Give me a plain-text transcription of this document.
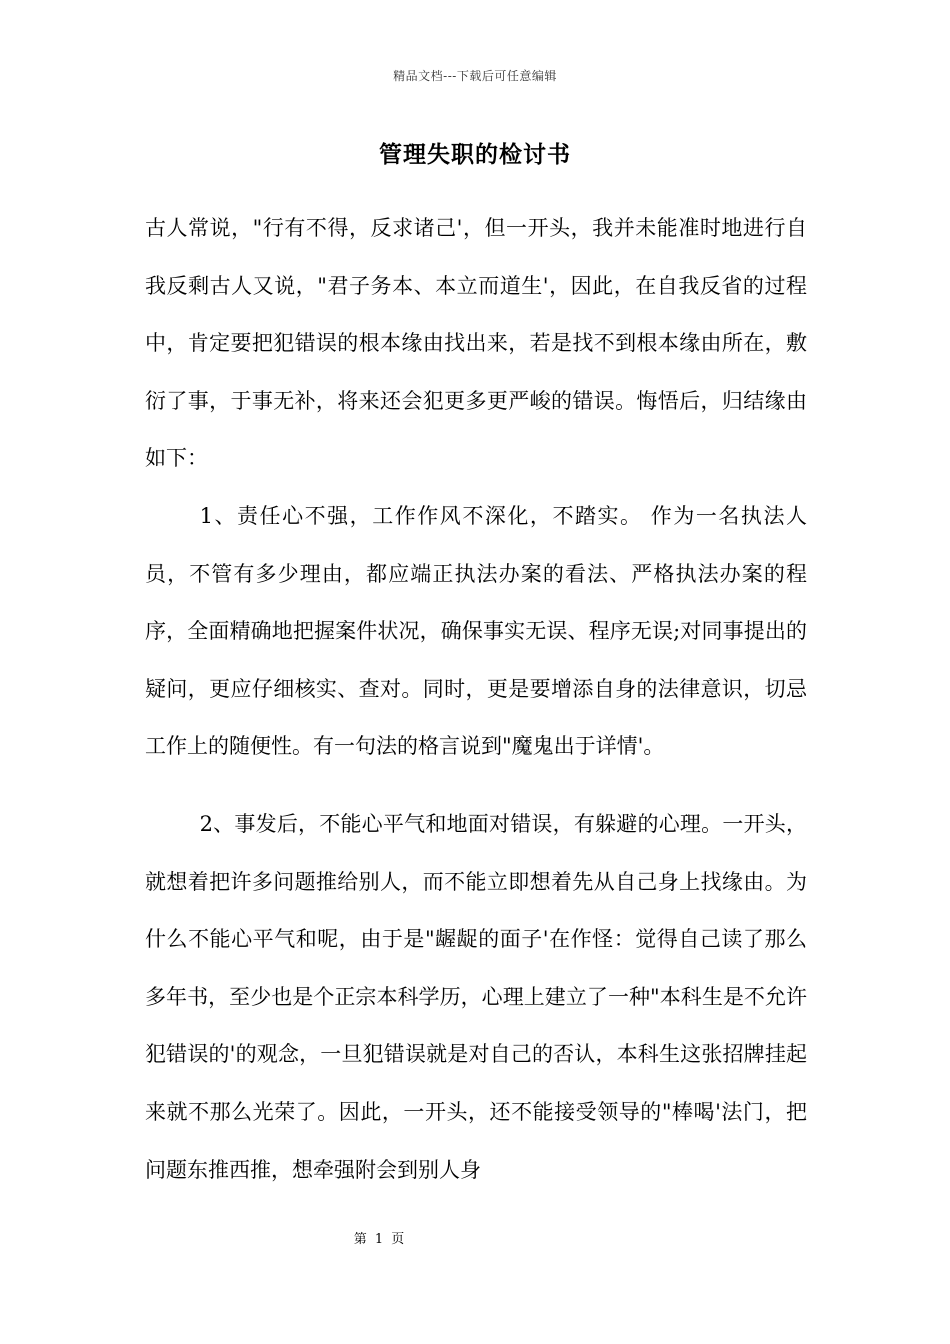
精品文档---下载后可任意编辑
管理失职的检讨书

古人常说，"行有不得，反求诸己'，但一开头，我并未能准时地进行自我反剩古人又说，"君子务本、本立而道生'，因此，在自我反省的过程中，肯定要把犯错误的根本缘由找出来，若是找不到根本缘由所在，敷衍了事，于事无补，将来还会犯更多更严峻的错误。悔悟后，归结缘由如下：

1、责任心不强，工作作风不深化，不踏实。 作为一名执法人员，不管有多少理由，都应端正执法办案的看法、严格执法办案的程序，全面精确地把握案件状况，确保事实无误、程序无误;对同事提出的疑问，更应仔细核实、查对。同时，更是要增添自身的法律意识，切忌工作上的随便性。有一句法的格言说到"魔鬼出于详情'。

2、事发后，不能心平气和地面对错误，有躲避的心理。一开头，就想着把许多问题推给别人，而不能立即想着先从自己身上找缘由。为什么不能心平气和呢，由于是"龌龊的面子'在作怪：觉得自己读了那么多年书，至少也是个正宗本科学历，心理上建立了一种"本科生是不允许犯错误的'的观念，一旦犯错误就是对自己的否认，本科生这张招牌挂起来就不那么光荣了。因此，一开头，还不能接受领导的"棒喝'法门，把问题东推西推，想牵强附会到别人身

第 1 页
